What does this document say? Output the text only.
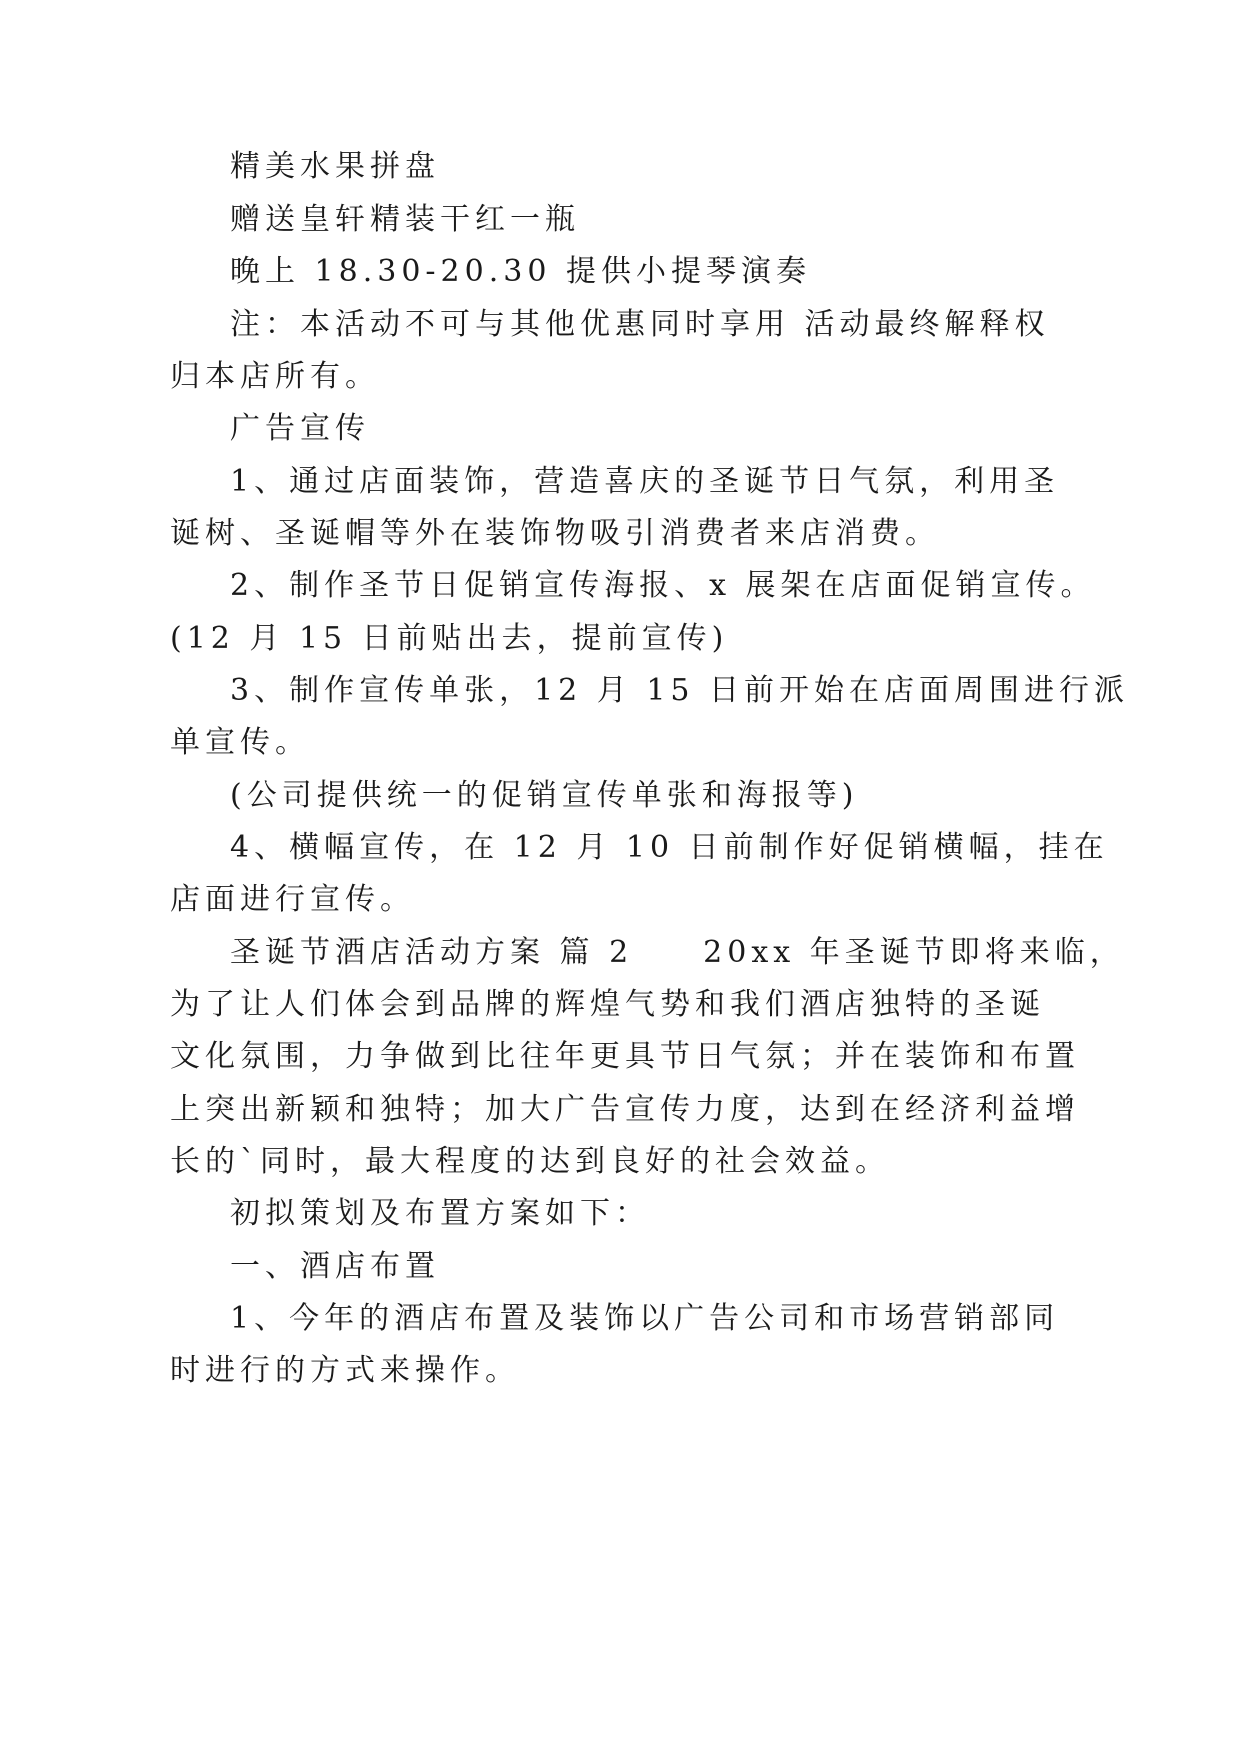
精美水果拼盘
赠送皇轩精装干红一瓶
晚上 18.30-20.30 提供小提琴演奏
注：本活动不可与其他优惠同时享用 活动最终解释权
归本店所有。
广告宣传
1、通过店面装饰，营造喜庆的圣诞节日气氛，利用圣
诞树、圣诞帽等外在装饰物吸引消费者来店消费。
2、制作圣节日促销宣传海报、x 展架在店面促销宣传。
(12 月 15 日前贴出去，提前宣传)
3、制作宣传单张，12 月 15 日前开始在店面周围进行派
单宣传。
(公司提供统一的促销宣传单张和海报等)
4、横幅宣传，在 12 月 10 日前制作好促销横幅，挂在
店面进行宣传。
圣诞节酒店活动方案 篇 2　　20xx 年圣诞节即将来临，
为了让人们体会到品牌的辉煌气势和我们酒店独特的圣诞
文化氛围，力争做到比往年更具节日气氛；并在装饰和布置
上突出新颖和独特；加大广告宣传力度，达到在经济利益增
长的`同时，最大程度的达到良好的社会效益。
初拟策划及布置方案如下：
一、酒店布置
1、今年的酒店布置及装饰以广告公司和市场营销部同
时进行的方式来操作。
